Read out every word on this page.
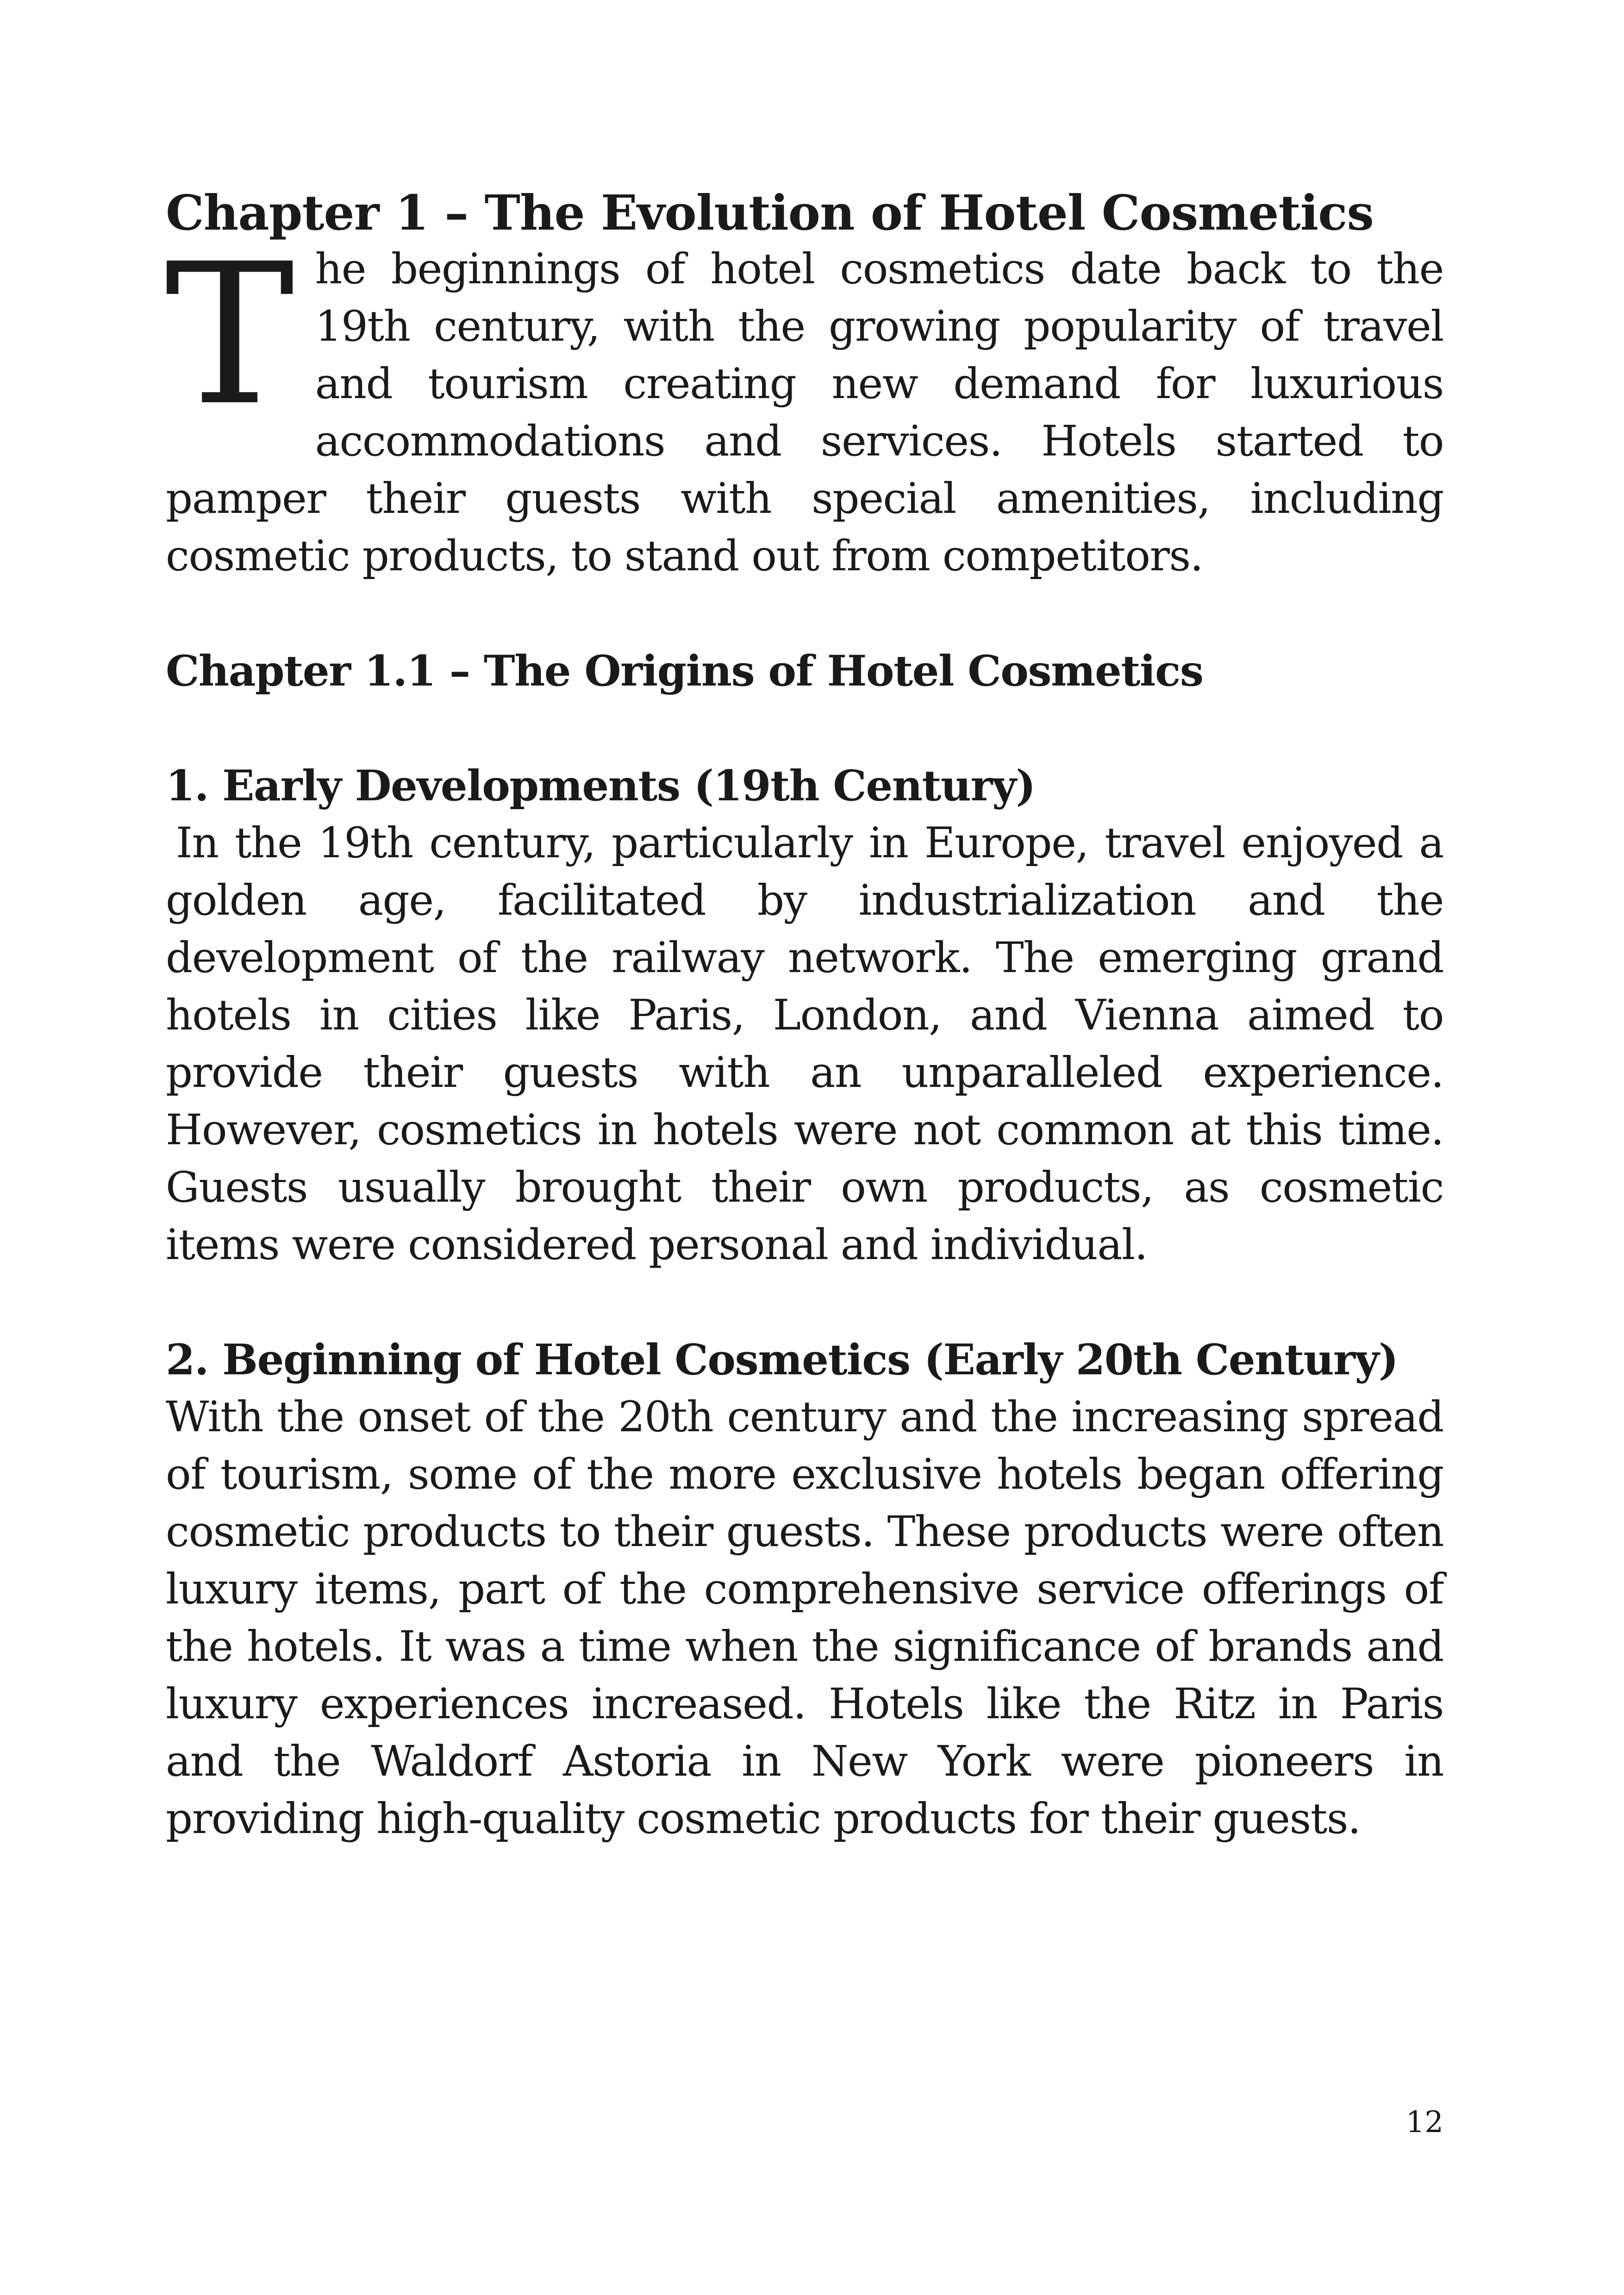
Chapter 1 – The Evolution of Hotel Cosmetics

The beginnings of hotel cosmetics date back to the 19th century, with the growing popularity of travel and tourism creating new demand for luxurious accommodations and services. Hotels started to pamper their guests with special amenities, including cosmetic products, to stand out from competitors.

Chapter 1.1 – The Origins of Hotel Cosmetics
1. Early Developments (19th Century)

In the 19th century, particularly in Europe, travel enjoyed a golden age, facilitated by industrialization and the development of the railway network. The emerging grand hotels in cities like Paris, London, and Vienna aimed to provide their guests with an unparalleled experience. However, cosmetics in hotels were not common at this time. Guests usually brought their own products, as cosmetic items were considered personal and individual.

2. Beginning of Hotel Cosmetics (Early 20th Century)

With the onset of the 20th century and the increasing spread of tourism, some of the more exclusive hotels began offering cosmetic products to their guests. These products were often luxury items, part of the comprehensive service offerings of the hotels. It was a time when the significance of brands and luxury experiences increased. Hotels like the Ritz in Paris and the Waldorf Astoria in New York were pioneers in providing high-quality cosmetic products for their guests.

12
